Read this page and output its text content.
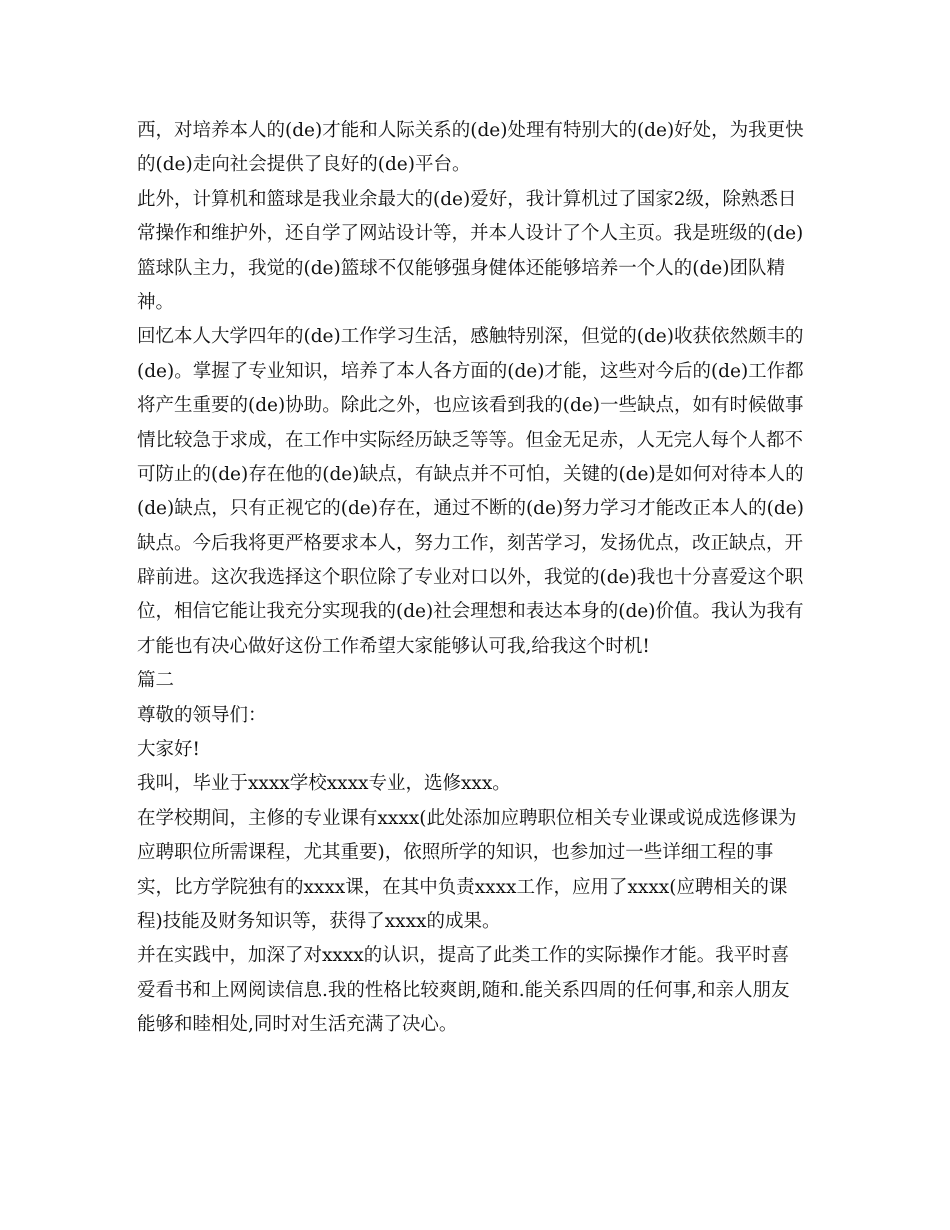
西，对培养本人的(de)才能和人际关系的(de)处理有特别大的(de)好处，为我更快
的(de)走向社会提供了良好的(de)平台。
此外，计算机和篮球是我业余最大的(de)爱好，我计算机过了国家2级，除熟悉日
常操作和维护外，还自学了网站设计等，并本人设计了个人主页。我是班级的(de)
篮球队主力，我觉的(de)篮球不仅能够强身健体还能够培养一个人的(de)团队精
神。
回忆本人大学四年的(de)工作学习生活，感触特别深，但觉的(de)收获依然颇丰的
(de)。掌握了专业知识，培养了本人各方面的(de)才能，这些对今后的(de)工作都
将产生重要的(de)协助。除此之外，也应该看到我的(de)一些缺点，如有时候做事
情比较急于求成，在工作中实际经历缺乏等等。但金无足赤，人无完人每个人都不
可防止的(de)存在他的(de)缺点，有缺点并不可怕，关键的(de)是如何对待本人的
(de)缺点，只有正视它的(de)存在，通过不断的(de)努力学习才能改正本人的(de)
缺点。今后我将更严格要求本人，努力工作，刻苦学习，发扬优点，改正缺点，开
辟前进。这次我选择这个职位除了专业对口以外，我觉的(de)我也十分喜爱这个职
位，相信它能让我充分实现我的(de)社会理想和表达本身的(de)价值。我认为我有
才能也有决心做好这份工作希望大家能够认可我,给我这个时机!
篇二
尊敬的领导们：
大家好!
我叫，毕业于xxxx学校xxxx专业，选修xxx。
在学校期间，主修的专业课有xxxx(此处添加应聘职位相关专业课或说成选修课为
应聘职位所需课程，尤其重要)，依照所学的知识，也参加过一些详细工程的事
实，比方学院独有的xxxx课，在其中负责xxxx工作，应用了xxxx(应聘相关的课
程)技能及财务知识等，获得了xxxx的成果。
并在实践中，加深了对xxxx的认识，提高了此类工作的实际操作才能。我平时喜
爱看书和上网阅读信息.我的性格比较爽朗,随和.能关系四周的任何事,和亲人朋友
能够和睦相处,同时对生活充满了决心。
